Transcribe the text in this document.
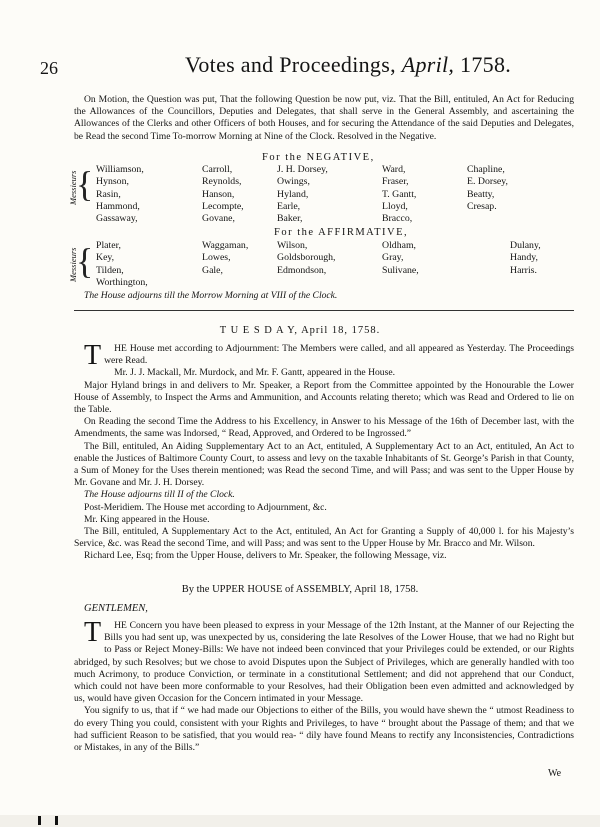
26	Votes and Proceedings, April, 1758.
On Motion, the Question was put, That the following Question be now put, viz. That the Bill, entituled, An Act for Reducing the Allowances of the Councillors, Deputies and Delegates, that shall serve in the General Assembly, and ascertaining the Allowances of the Clerks and other Officers of both Houses, and for securing the Attendance of the said Deputies and Delegates, be Read the second Time To-morrow Morning at Nine of the Clock. Resolved in the Negative.
For the NEGATIVE,
Messieurs
{ Williamson,
Hynson,
Rasin,
Hammond,
Gassaway,
Carroll,
Reynolds,
Hanson,
Lecompte,
Govane,
J. H. Dorsey,
Owings,
Hyland,
Earle,
Baker,
Ward,
Fraser,
T. Gantt,
Lloyd,
Bracco,
Chapline,
E. Dorsey,
Beatty,
Cresap.
For the AFFIRMATIVE,
Messieurs
{ Plater,
Key,
Tilden,
Worthington,
Waggaman,
Lowes,
Gale,
Wilson,
Goldsborough,
Edmondson,
Oldham,
Gray,
Sulivane,
Dulany,
Handy,
Harris.
The House adjourns till the Morrow Morning at VIII of the Clock.
T U E S D A Y, April 18, 1758.

T HE House met according to Adjournment: The Members were called, and all appeared as Yesterday. The Proceedings were Read.

Mr. J. J. Mackall, Mr. Murdock, and Mr. F. Gantt, appeared in the House.

Major Hyland brings in and delivers to Mr. Speaker, a Report from the Committee appointed by the Honourable the Lower House of Assembly, to Inspect the Arms and Ammunition, and Accounts relating thereto; which was Read and Ordered to lie on the Table.

On Reading the second Time the Address to his Excellency, in Answer to his Message of the 16th of December last, with the Amendments, the same was Indorsed, “ Read, Approved, and Ordered to be Ingrossed.”

The Bill, entituled, An Aiding Supplementary Act to an Act, entituled, A Supplementary Act to an Act, entituled, An Act to enable the Justices of Baltimore County Court, to assess and levy on the taxable Inhabitants of St. George’s Parish in that County, a Sum of Money for the Uses therein mentioned; was Read the second Time, and will Pass; and was sent to the Upper House by Mr. Govane and Mr. J. H. Dorsey.

The House adjourns till II of the Clock.

Post-Meridiem. The House met according to Adjournment, &c.

Mr. King appeared in the House.

The Bill, entituled, A Supplementary Act to the Act, entituled, An Act for Granting a Supply of 40,000 l. for his Majesty’s Service, &c. was Read the second Time, and will Pass; and was sent to the Upper House by Mr. Bracco and Mr. Wilson.

Richard Lee, Esq; from the Upper House, delivers to Mr. Speaker, the following Message, viz.

By the UPPER HOUSE of ASSEMBLY, April 18, 1758.
GENTLEMEN,

T HE Concern you have been pleased to express in your Message of the 12th Instant, at the Manner of our Rejecting the Bills you had sent up, was unexpected by us, considering the late Resolves of the Lower House, that we had no Right but to Pass or Reject Money-Bills: We have not indeed been convinced that your Privileges could be extended, or our Rights abridged, by such Resolves; but we chose to avoid Disputes upon the Subject of Privileges, which are generally handled with too much Acrimony, to produce Conviction, or terminate in a constitutional Settlement; and did not apprehend that our Conduct, which could not have been more conformable to your Resolves, had their Obligation been even admitted and acknowledged by us, would have given Occasion for the Concern intimated in your Message.

You signify to us, that if “ we had made our Objections to either of the Bills, you would have shewn the “ utmost Readiness to do every Thing you could, consistent with your Rights and Privileges, to have “ brought about the Passage of them; and that we had sufficient Reason to be satisfied, that you would rea- “ dily have found Means to rectify any Inconsistencies, Contradictions or Mistakes, in any of the Bills.”

We
